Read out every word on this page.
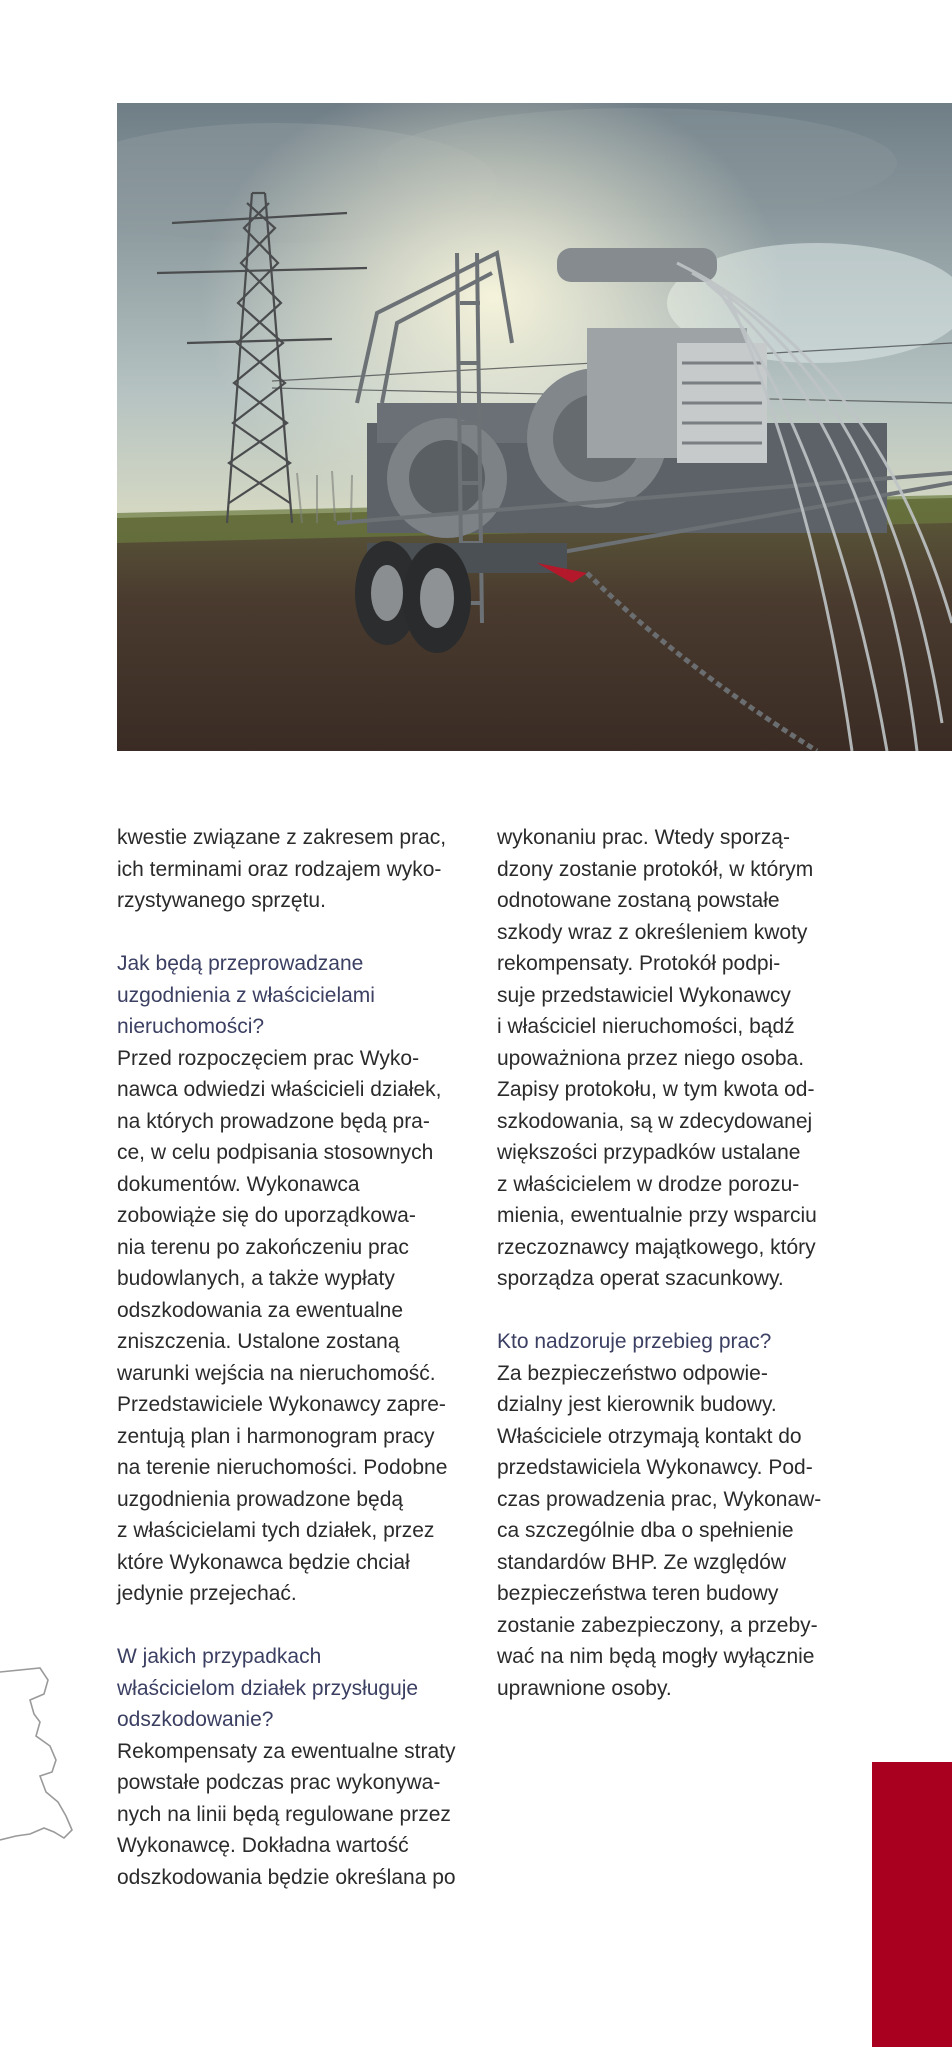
kwestie związane z zakresem prac,
ich terminami oraz rodzajem wyko-
rzystywanego sprzętu.

Jak będą przeprowadzane
uzgodnienia z właścicielami
nieruchomości?

Przed rozpoczęciem prac Wyko-
nawca odwiedzi właścicieli działek,
na których prowadzone będą pra-
ce, w celu podpisania stosownych
dokumentów. Wykonawca
zobowiąże się do uporządkowa-
nia terenu po zakończeniu prac
budowlanych, a także wypłaty
odszkodowania za ewentualne
zniszczenia. Ustalone zostaną
warunki wejścia na nieruchomość.
Przedstawiciele Wykonawcy zapre-
zentują plan i harmonogram pracy
na terenie nieruchomości. Podobne
uzgodnienia prowadzone będą
z właścicielami tych działek, przez
które Wykonawca będzie chciał
jedynie przejechać.

W jakich przypadkach
właścicielom działek przysługuje
odszkodowanie?

Rekompensaty za ewentualne straty
powstałe podczas prac wykonywa-
nych na linii będą regulowane przez
Wykonawcę. Dokładna wartość
odszkodowania będzie określana po

wykonaniu prac. Wtedy sporzą-
dzony zostanie protokół, w którym
odnotowane zostaną powstałe
szkody wraz z określeniem kwoty
rekompensaty. Protokół podpi-
suje przedstawiciel Wykonawcy
i właściciel nieruchomości, bądź
upoważniona przez niego osoba.
Zapisy protokołu, w tym kwota od-
szkodowania, są w zdecydowanej
większości przypadków ustalane
z właścicielem w drodze porozu-
mienia, ewentualnie przy wsparciu
rzeczoznawcy majątkowego, który
sporządza operat szacunkowy.

Kto nadzoruje przebieg prac?

Za bezpieczeństwo odpowie-
dzialny jest kierownik budowy.
Właściciele otrzymają kontakt do
przedstawiciela Wykonawcy. Pod-
czas prowadzenia prac, Wykonaw-
ca szczególnie dba o spełnienie
standardów BHP. Ze względów
bezpieczeństwa teren budowy
zostanie zabezpieczony, a przeby-
wać na nim będą mogły wyłącznie
uprawnione osoby.
